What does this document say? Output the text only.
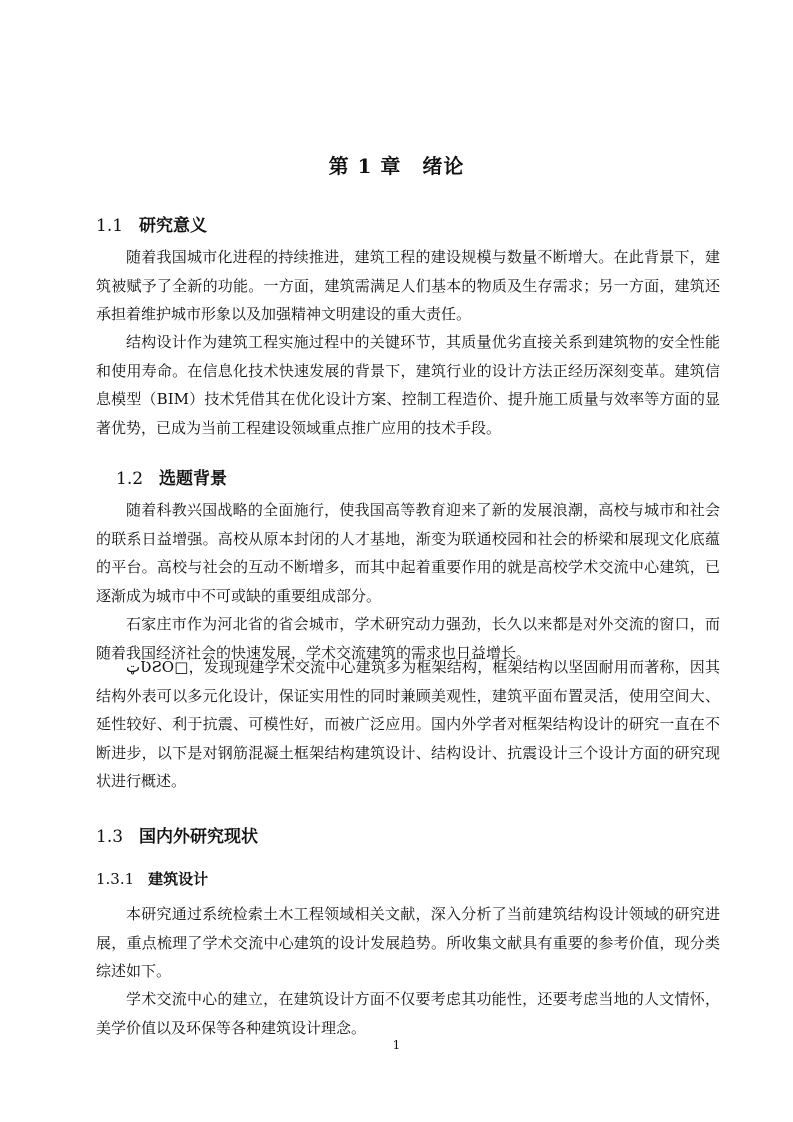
第 1 章　绪论
1.1 研究意义

随着我国城市化进程的持续推进，建筑工程的建设规模与数量不断增大。在此背景下，建筑被赋予了全新的功能。一方面，建筑需满足人们基本的物质及生存需求；另一方面，建筑还承担着维护城市形象以及加强精神文明建设的重大责任。

结构设计作为建筑工程实施过程中的关键环节，其质量优劣直接关系到建筑物的安全性能和使用寿命。在信息化技术快速发展的背景下，建筑行业的设计方法正经历深刻变革。建筑信息模型（BIM）技术凭借其在优化设计方案、控制工程造价、提升施工质量与效率等方面的显著优势，已成为当前工程建设领域重点推广应用的技术手段。

1.2 选题背景

随着科教兴国战略的全面施行，使我国高等教育迎来了新的发展浪潮，高校与城市和社会的联系日益增强。高校从原本封闭的人才基地，渐变为联通校园和社会的桥梁和展现文化底蕴的平台。高校与社会的互动不断增多，而其中起着重要作用的就是高校学术交流中心建筑，已逐渐成为城市中不可或缺的重要组成部分。

石家庄市作为河北省的省会城市，学术研究动力强劲，长久以来都是对外交流的窗口，而随着我国经济社会的快速发展，学术交流建筑的需求也日益增长。

ټƲƧÓ□，发现现建学术交流中心建筑多为框架结构，框架结构以坚固耐用而著称，因其结构外表可以多元化设计，保证实用性的同时兼顾美观性，建筑平面布置灵活，使用空间大、延性较好、利于抗震、可模性好，而被广泛应用。国内外学者对框架结构设计的研究一直在不断进步，以下是对钢筋混凝土框架结构建筑设计、结构设计、抗震设计三个设计方面的研究现状进行概述。

1.3 国内外研究现状
1.3.1 建筑设计

本研究通过系统检索土木工程领域相关文献，深入分析了当前建筑结构设计领域的研究进展，重点梳理了学术交流中心建筑的设计发展趋势。所收集文献具有重要的参考价值，现分类综述如下。

学术交流中心的建立，在建筑设计方面不仅要考虑其功能性，还要考虑当地的人文情怀，美学价值以及环保等各种建筑设计理念。

1
